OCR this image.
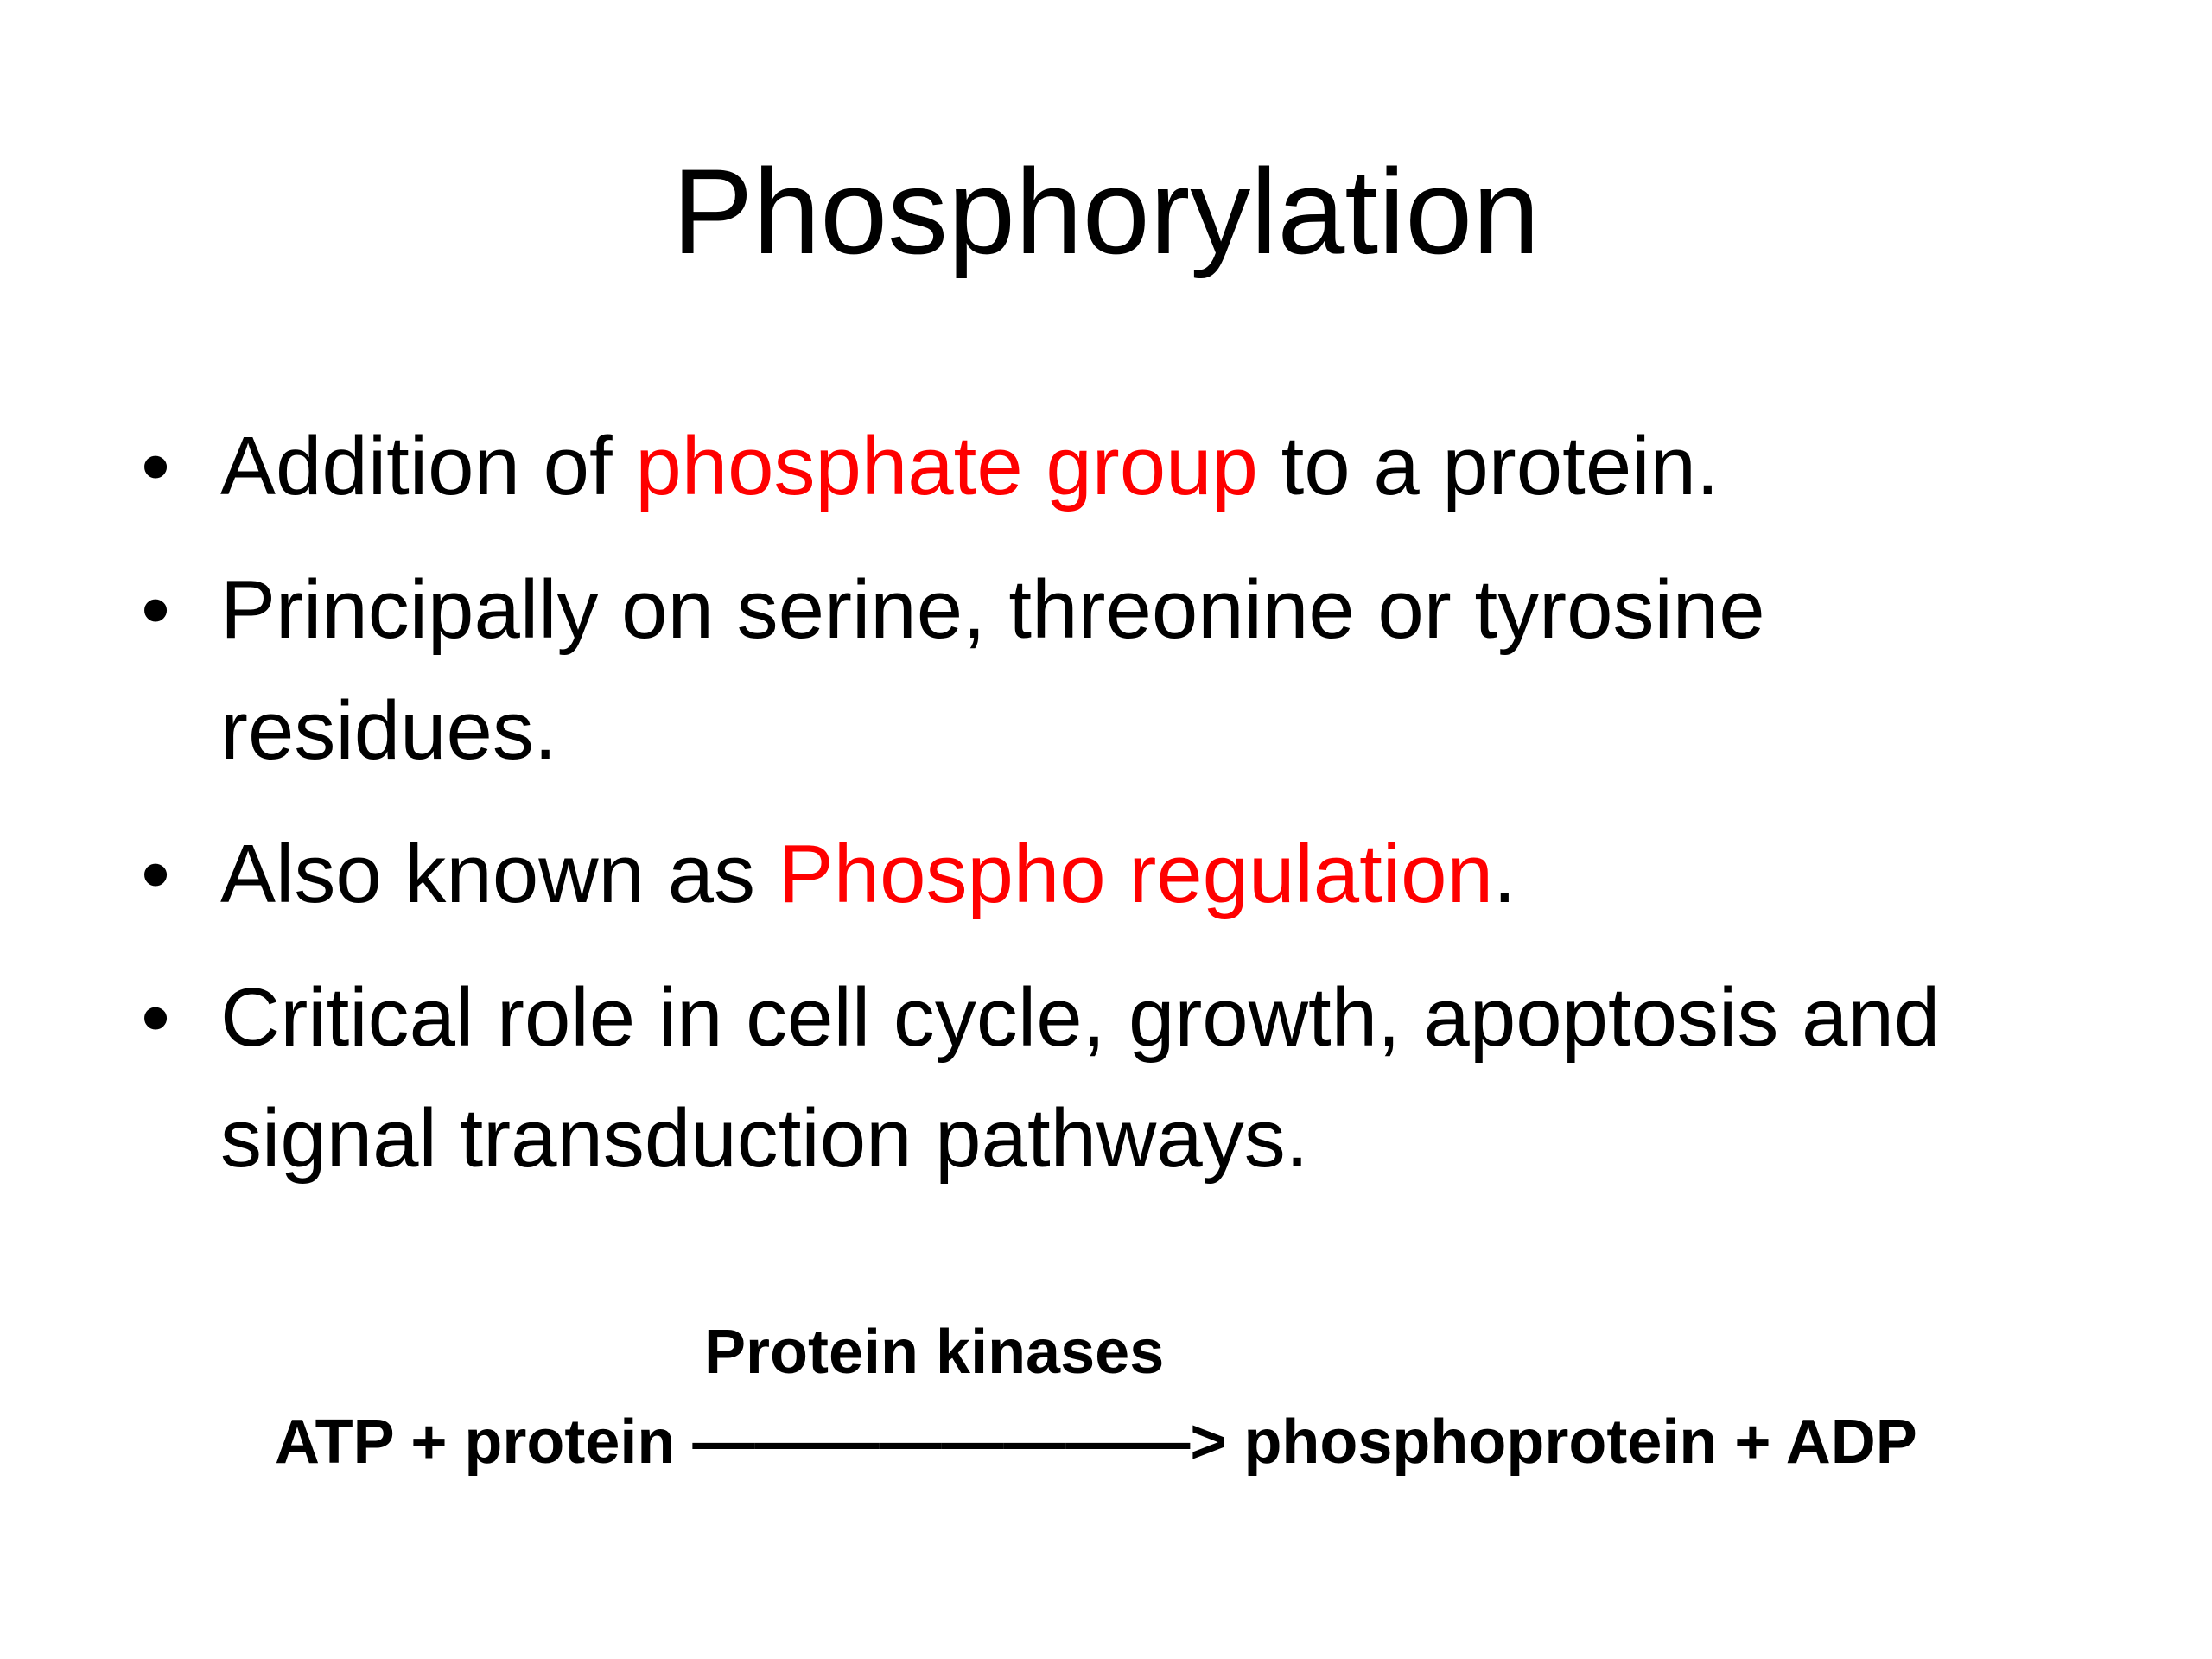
Phosphorylation
• Addition of phosphate group to a protein.
• Principally on serine, threonine or tyrosine residues.
• Also known as Phospho regulation.
• Critical role in cell cycle, growth, apoptosis and signal transduction pathways.
Protein kinases
ATP + protein ————————> phosphoprotein + ADP
